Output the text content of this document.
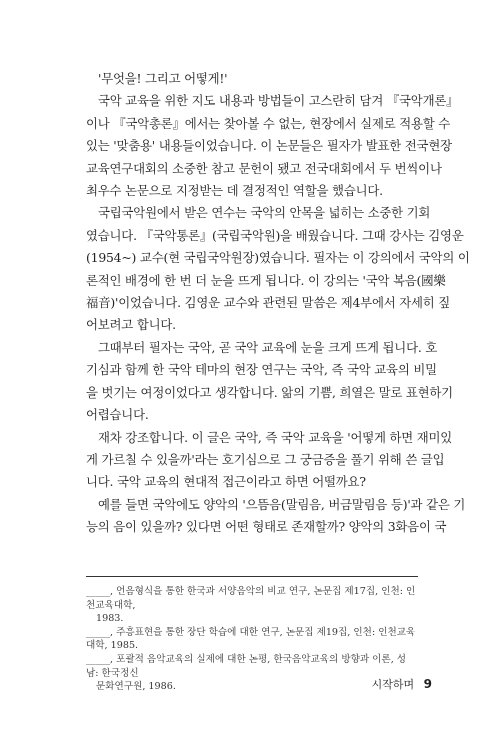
'무엇을! 그리고 어떻게!'
국악 교육을 위한 지도 내용과 방법들이 고스란히 담겨 『국악개론』
이나 『국악총론』에서는 찾아볼 수 없는, 현장에서 실제로 적용할 수
있는 '맞춤용' 내용들이었습니다. 이 논문들은 필자가 발표한 전국현장
교육연구대회의 소중한 참고 문헌이 됐고 전국대회에서 두 번씩이나
최우수 논문으로 지정받는 데 결정적인 역할을 했습니다.
국립국악원에서 받은 연수는 국악의 안목을 넓히는 소중한 기회
였습니다. 『국악통론』(국립국악원)을 배웠습니다. 그때 강사는 김영운
(1954~) 교수(현 국립국악원장)였습니다. 필자는 이 강의에서 국악의 이
론적인 배경에 한 번 더 눈을 뜨게 됩니다. 이 강의는 '국악 복음(國樂
福音)'이었습니다. 김영운 교수와 관련된 말씀은 제4부에서 자세히 짚
어보려고 합니다.
그때부터 필자는 국악, 곧 국악 교육에 눈을 크게 뜨게 됩니다. 호
기심과 함께 한 국악 테마의 현장 연구는 국악, 즉 국악 교육의 비밀
을 벗기는 여정이었다고 생각합니다. 앎의 기쁨, 희열은 말로 표현하기
어렵습니다.
재차 강조합니다. 이 글은 국악, 즉 국악 교육을 '어떻게 하면 재미있
게 가르칠 수 있을까'라는 호기심으로 그 궁금증을 풀기 위해 쓴 글입
니다. 국악 교육의 현대적 접근이라고 하면 어떨까요?
예를 들면 국악에도 양악의 '으뜸음(말림음, 버금말림음 등)'과 같은 기
능의 음이 있을까? 있다면 어떤 형태로 존재할까? 양악의 3화음이 국
_____, 언음형식을 통한 한국과 서양음악의 비교 연구, 논문집 제17집, 인천: 인천교육대학,
1983.
_____, 주흥표현을 통한 장단 학습에 대한 연구, 논문집 제19집, 인천: 인천교육대학, 1985.
_____, 포괄적 음악교육의 실제에 대한 논평, 한국음악교육의 방향과 이론, 성남: 한국정신
문화연구원, 1986.	시작하며 9
